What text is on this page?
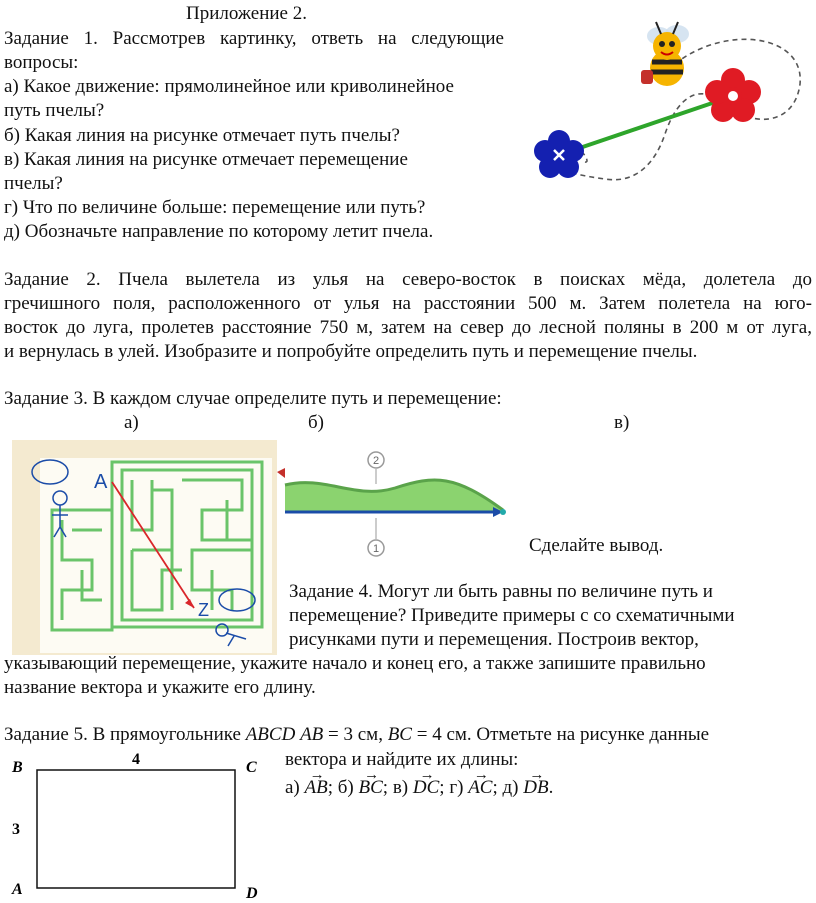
Приложение 2.
Задание 1. Рассмотрев картинку, ответь на следующие
вопросы:
а) Какое движение: прямолинейное или криволинейное
путь пчелы?
б) Какая линия на рисунке отмечает путь пчелы?
в) Какая линия на рисунке отмечает перемещение
пчелы?
г) Что по величине больше: перемещение или путь?
д) Обозначьте направление по которому летит пчела.
Задание 2. Пчела вылетела из улья на северо-восток в поисках мёда, долетела до
гречишного поля, расположенного от улья на расстоянии 500 м. Затем полетела на юго-
восток до луга, пролетев расстояние 750 м, затем на север до лесной поляны в 200 м от луга,
и вернулась в улей. Изобразите и попробуйте определить путь и перемещение пчелы.
Задание 3. В каждом случае определите путь и перемещение:
а)	б)	в)
A
Z
2
1	Сделайте вывод.
Задание 4. Могут ли быть равны по величине путь и
перемещение? Приведите примеры с со схематичными
рисунками пути и перемещения. Построив вектор,
указывающий перемещение, укажите начало и конец его, а также запишите правильно
название вектора и укажите его длину.
Задание 5. В прямоугольнике ABCD AB = 3 см, BC = 4 см. Отметьте на рисунке данные
вектора и найдите их длины:
а) → AB; б) → BC; в) → DC; г) → AC; д) → DB.
B	C
A	D
4
3
